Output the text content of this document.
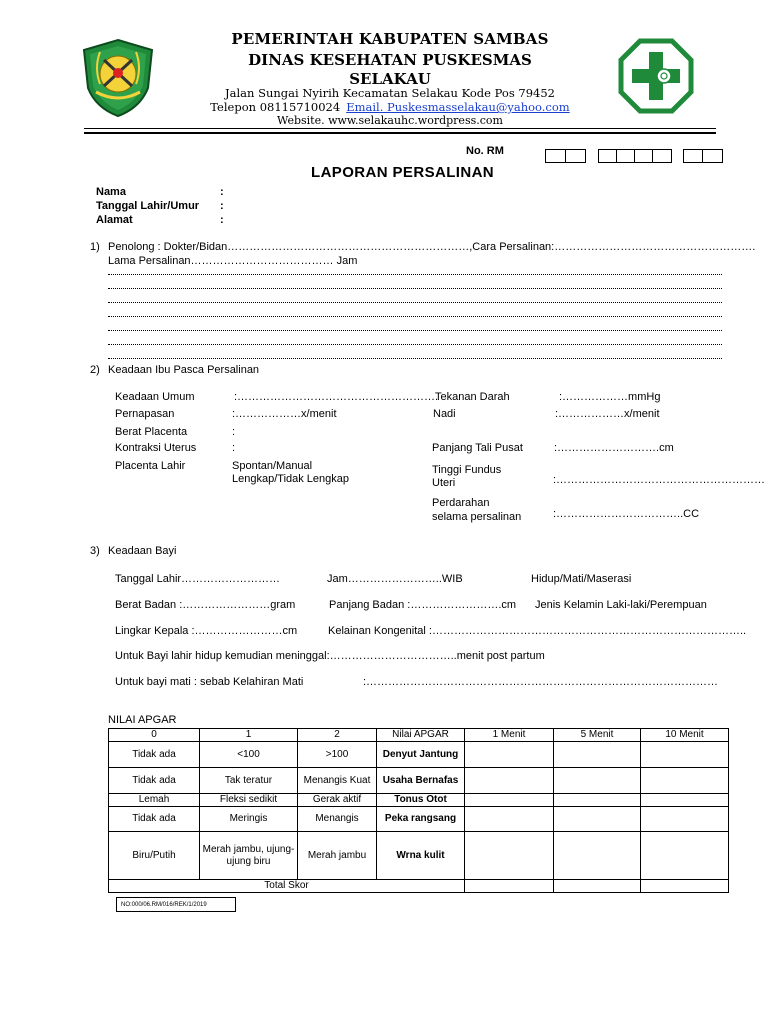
PEMERINTAH KABUPATEN SAMBAS
DINAS KESEHATAN PUSKESMAS
SELAKAU
Jalan Sungai Nyirih Kecamatan Selakau Kode Pos 79452
Telepon 08115710024 Email. Puskesmasselakau@yahoo.com
Website. www.selakauhc.wordpress.com
No. RM
LAPORAN PERSALINAN
Nama	:
Tanggal Lahir/Umur :
Alamat	:
1) Penolong : Dokter/Bidan…………………………………………………………,Cara Persalinan:……………………………………………….
Lama Persalinan………………………………… Jam
2) Keadaan Ibu Pasca Persalinan
Keadaan Umum	:……………………………………………….
Pernapasan	:………………x/menit
Berat Placenta	:
Kontraksi Uterus	:
Placenta Lahir	Spontan/Manual
Lengkap/Tidak Lengkap
Tekanan Darah	:………………mmHg
Nadi	:………………x/menit
Panjang Tali Pusat	:……………………….cm
Tinggi Fundus
Uteri	:…………………………………………………
Perdarahan
selama persalinan	:……………………………..CC
3) Keadaan Bayi
Tanggal Lahir………………………	Jam……………………..WIB	Hidup/Mati/Maserasi
Berat Badan :……………………gram	Panjang Badan :…………………….cm Jenis Kelamin Laki-laki/Perempuan
Lingkar Kepala :……………………cm	Kelainan Kongenital :…………………………………………………………………………..
Untuk Bayi lahir hidup kemudian meninggal:……………………………..menit post partum
Untuk bayi mati : sebab Kelahiran Mati	:……………………………………………………………………………………
NILAI APGAR
0	1	2	Nilai APGAR	1 Menit	5 Menit	10 Menit
Tidak ada	<100	>100	Denyut Jantung			
Tidak ada	Tak teratur	Menangis Kuat	Usaha Bernafas			
Lemah	Fleksi sedikit	Gerak aktif	Tonus Otot			
Tidak ada	Meringis	Menangis	Peka rangsang			
Biru/Putih	Merah jambu, ujung-ujung biru	Merah jambu	Wrna kulit			
Total Skor						
NO:000/06.RM/016/REK/1/2019
